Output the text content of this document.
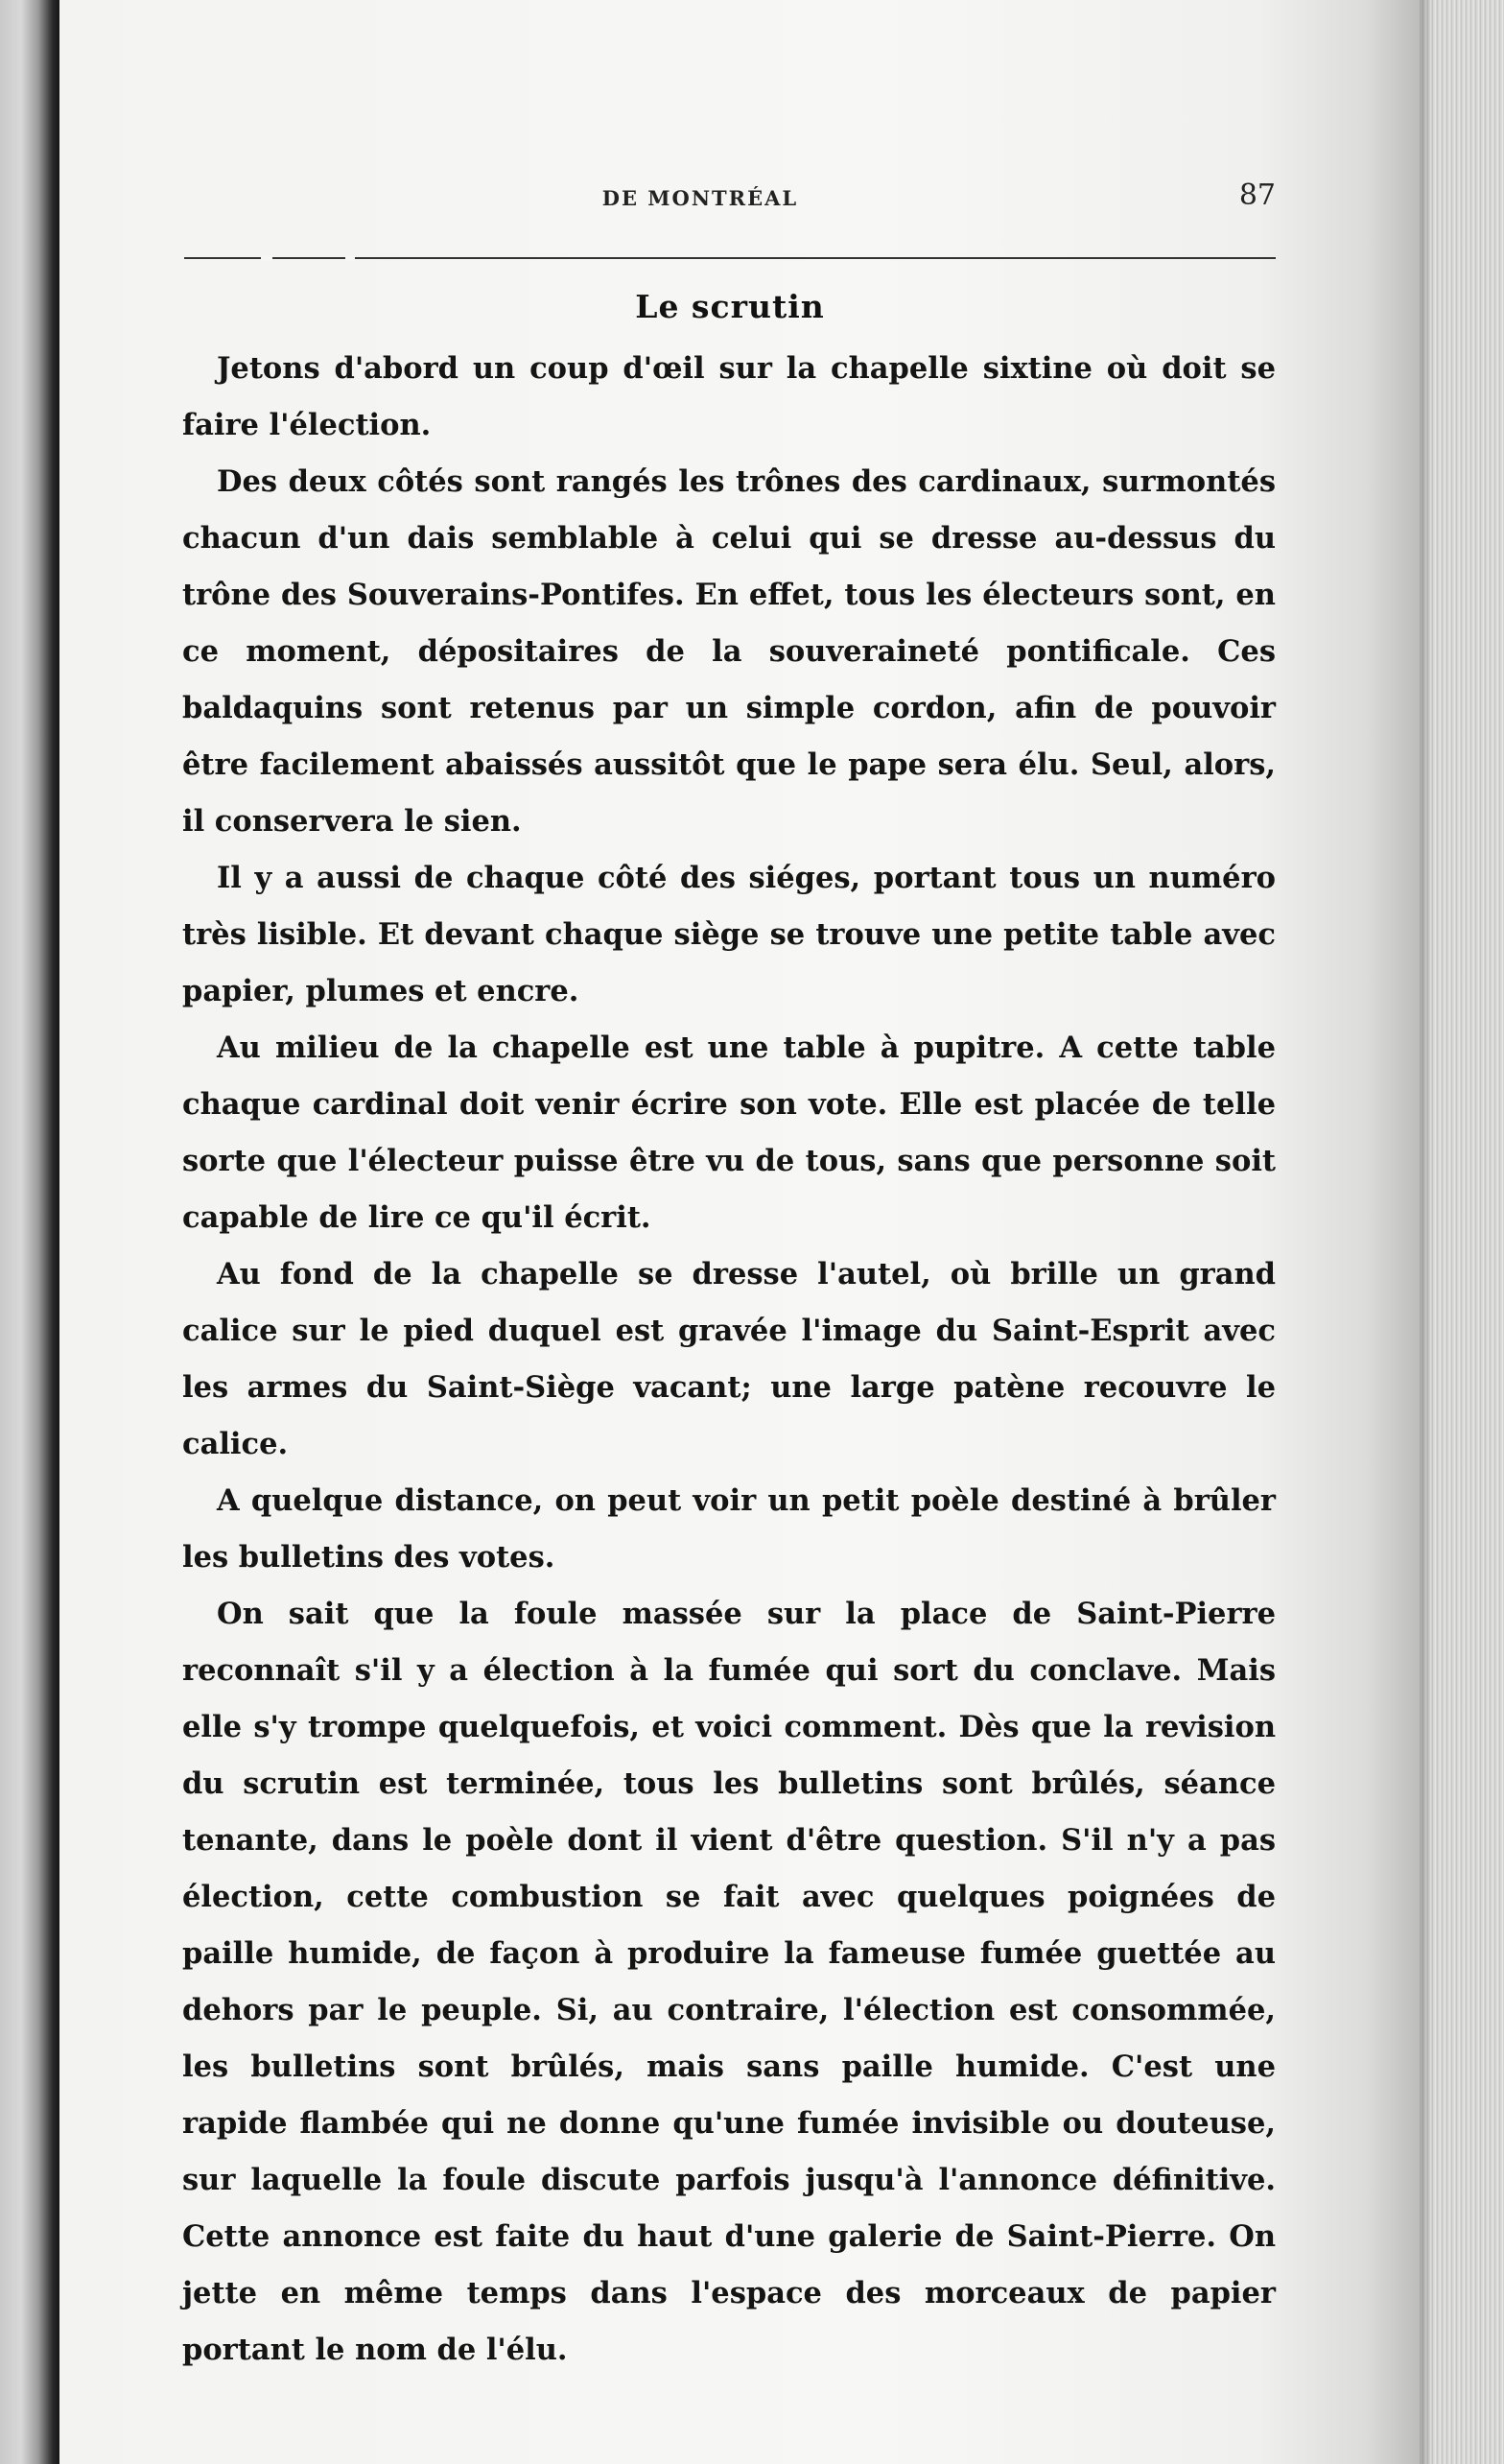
DE MONTRÉAL	87
Le scrutin

Jetons d'abord un coup d'œil sur la chapelle sixtine où doit se faire l'élection.

Des deux côtés sont rangés les trônes des cardinaux, surmontés chacun d'un dais semblable à celui qui se dresse au-dessus du trône des Souverains-Pontifes. En effet, tous les électeurs sont, en ce moment, dépositaires de la souveraineté pontificale. Ces baldaquins sont retenus par un simple cordon, afin de pouvoir être facilement abaissés aussitôt que le pape sera élu. Seul, alors, il conservera le sien.

Il y a aussi de chaque côté des siéges, portant tous un numéro très lisible. Et devant chaque siège se trouve une petite table avec papier, plumes et encre.

Au milieu de la chapelle est une table à pupitre. A cette table chaque cardinal doit venir écrire son vote. Elle est placée de telle sorte que l'électeur puisse être vu de tous, sans que personne soit capable de lire ce qu'il écrit.

Au fond de la chapelle se dresse l'autel, où brille un grand calice sur le pied duquel est gravée l'image du Saint-Esprit avec les armes du Saint-Siège vacant; une large patène recouvre le calice.

A quelque distance, on peut voir un petit poèle destiné à brûler les bulletins des votes.

On sait que la foule massée sur la place de Saint-Pierre reconnaît s'il y a élection à la fumée qui sort du conclave. Mais elle s'y trompe quelquefois, et voici comment. Dès que la revision du scrutin est terminée, tous les bulletins sont brûlés, séance tenante, dans le poèle dont il vient d'être question. S'il n'y a pas élection, cette combustion se fait avec quelques poignées de paille humide, de façon à produire la fameuse fumée guettée au dehors par le peuple. Si, au contraire, l'élection est consommée, les bulletins sont brûlés, mais sans paille humide. C'est une rapide flambée qui ne donne qu'une fumée invisible ou douteuse, sur laquelle la foule discute parfois jusqu'à l'annonce définitive. Cette annonce est faite du haut d'une galerie de Saint-Pierre. On jette en même temps dans l'espace des morceaux de papier portant le nom de l'élu.
